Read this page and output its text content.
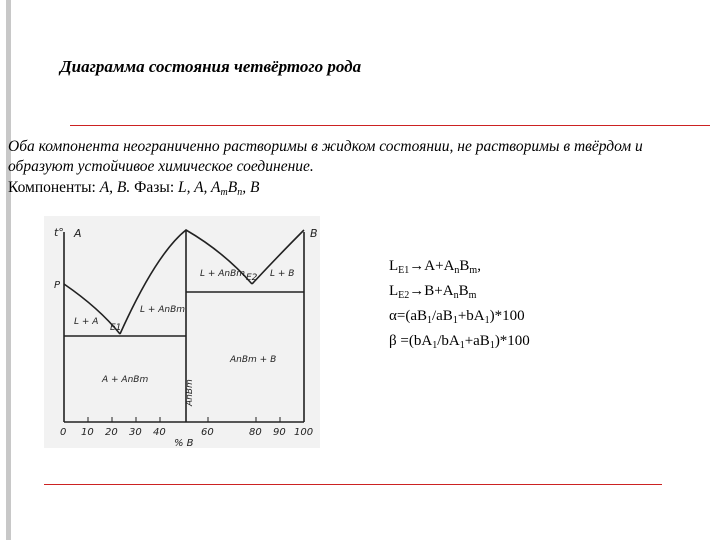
Диаграмма состояния четвёртого рода
Оба компонента неограниченно растворимы в жидком состоянии, не растворимы в твёрдом и образуют устойчивое химическое соединение.
Компоненты: A, B. Фазы: L, A, $A_mB_n$, B
t° A	B
P
E1
E2
L + A
L + AnBm
L + AnBm	L + B
A + AnBm
AnBm + B
AnBm
0 10 20 30 40	60	80 90 100
% B
$L_{E1}\to A+A_nB_m$,
$L_{E2}\to B+A_nB_m$
$\alpha=(aB_1/aB_1+bA_1)*100$
$\beta =(bA_1/bA_1+aB_1)*100$
